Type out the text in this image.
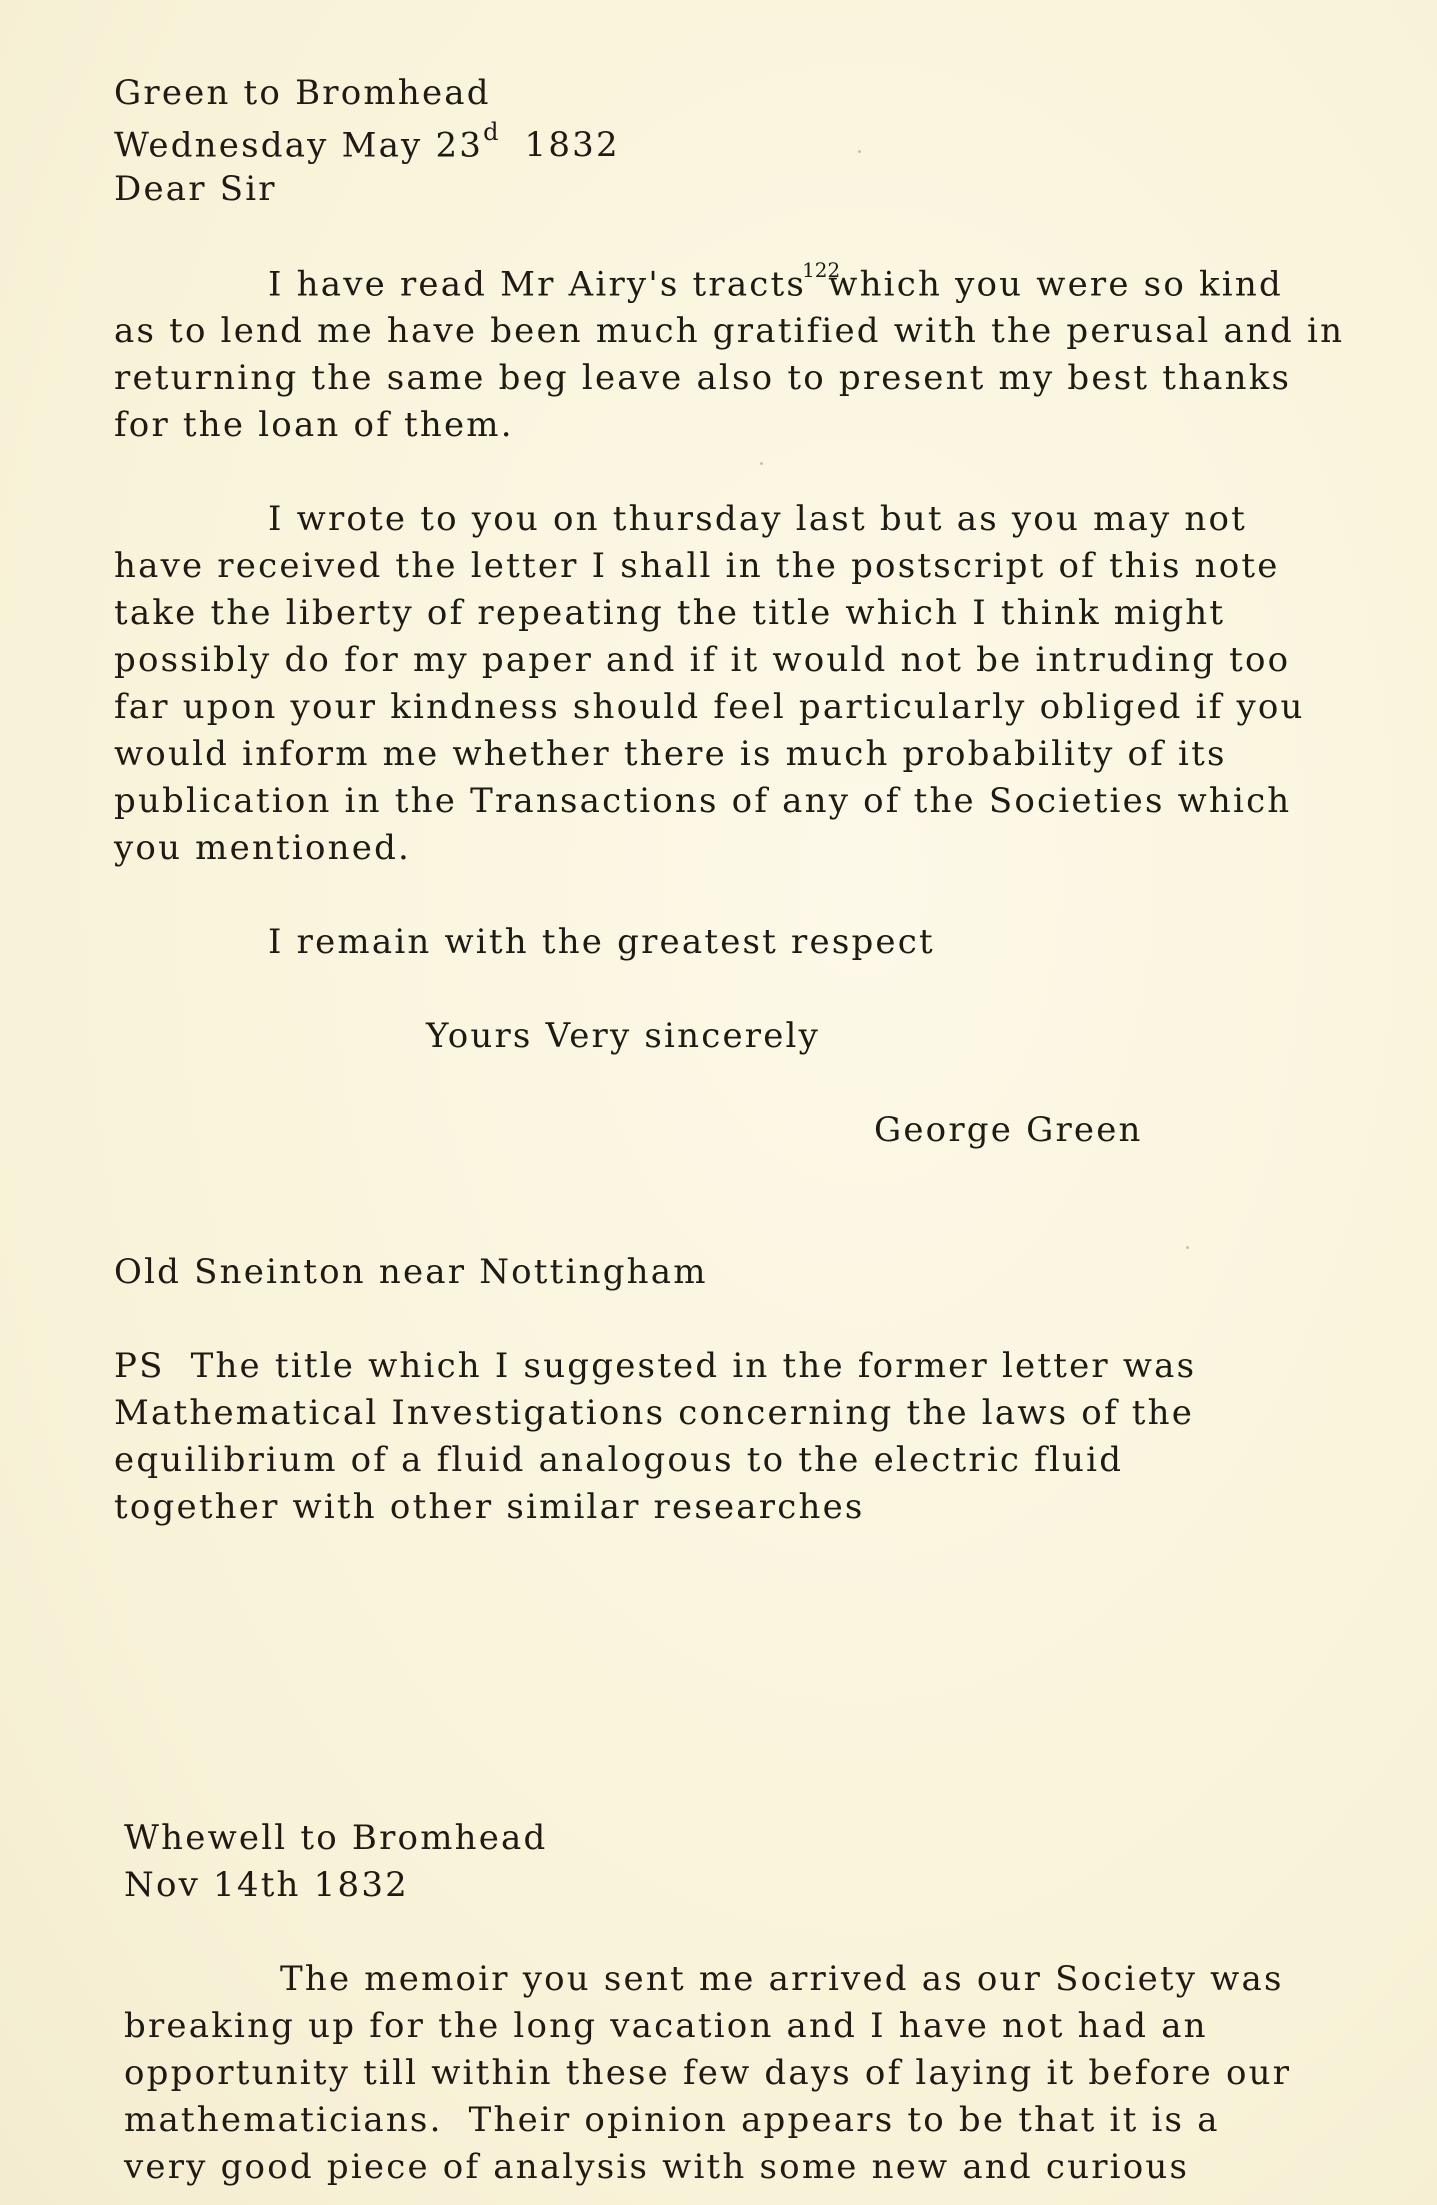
Green to Bromhead
Wednesday May 23$^d$ 1832
Dear Sir
I have read Mr Airy's tracts$^{122}$which you were so kind
as to lend me have been much gratified with the perusal and in
returning the same beg leave also to present my best thanks
for the loan of them.
I wrote to you on thursday last but as you may not
have received the letter I shall in the postscript of this note
take the liberty of repeating the title which I think might
possibly do for my paper and if it would not be intruding too
far upon your kindness should feel particularly obliged if you
would inform me whether there is much probability of its
publication in the Transactions of any of the Societies which
you mentioned.
I remain with the greatest respect
Yours Very sincerely
George Green
Old Sneinton near Nottingham
PS  The title which I suggested in the former letter was
Mathematical Investigations concerning the laws of the
equilibrium of a fluid analogous to the electric fluid
together with other similar researches
Whewell to Bromhead
Nov 14th 1832
The memoir you sent me arrived as our Society was
breaking up for the long vacation and I have not had an
opportunity till within these few days of laying it before our
mathematicians.  Their opinion appears to be that it is a
very good piece of analysis with some new and curious
